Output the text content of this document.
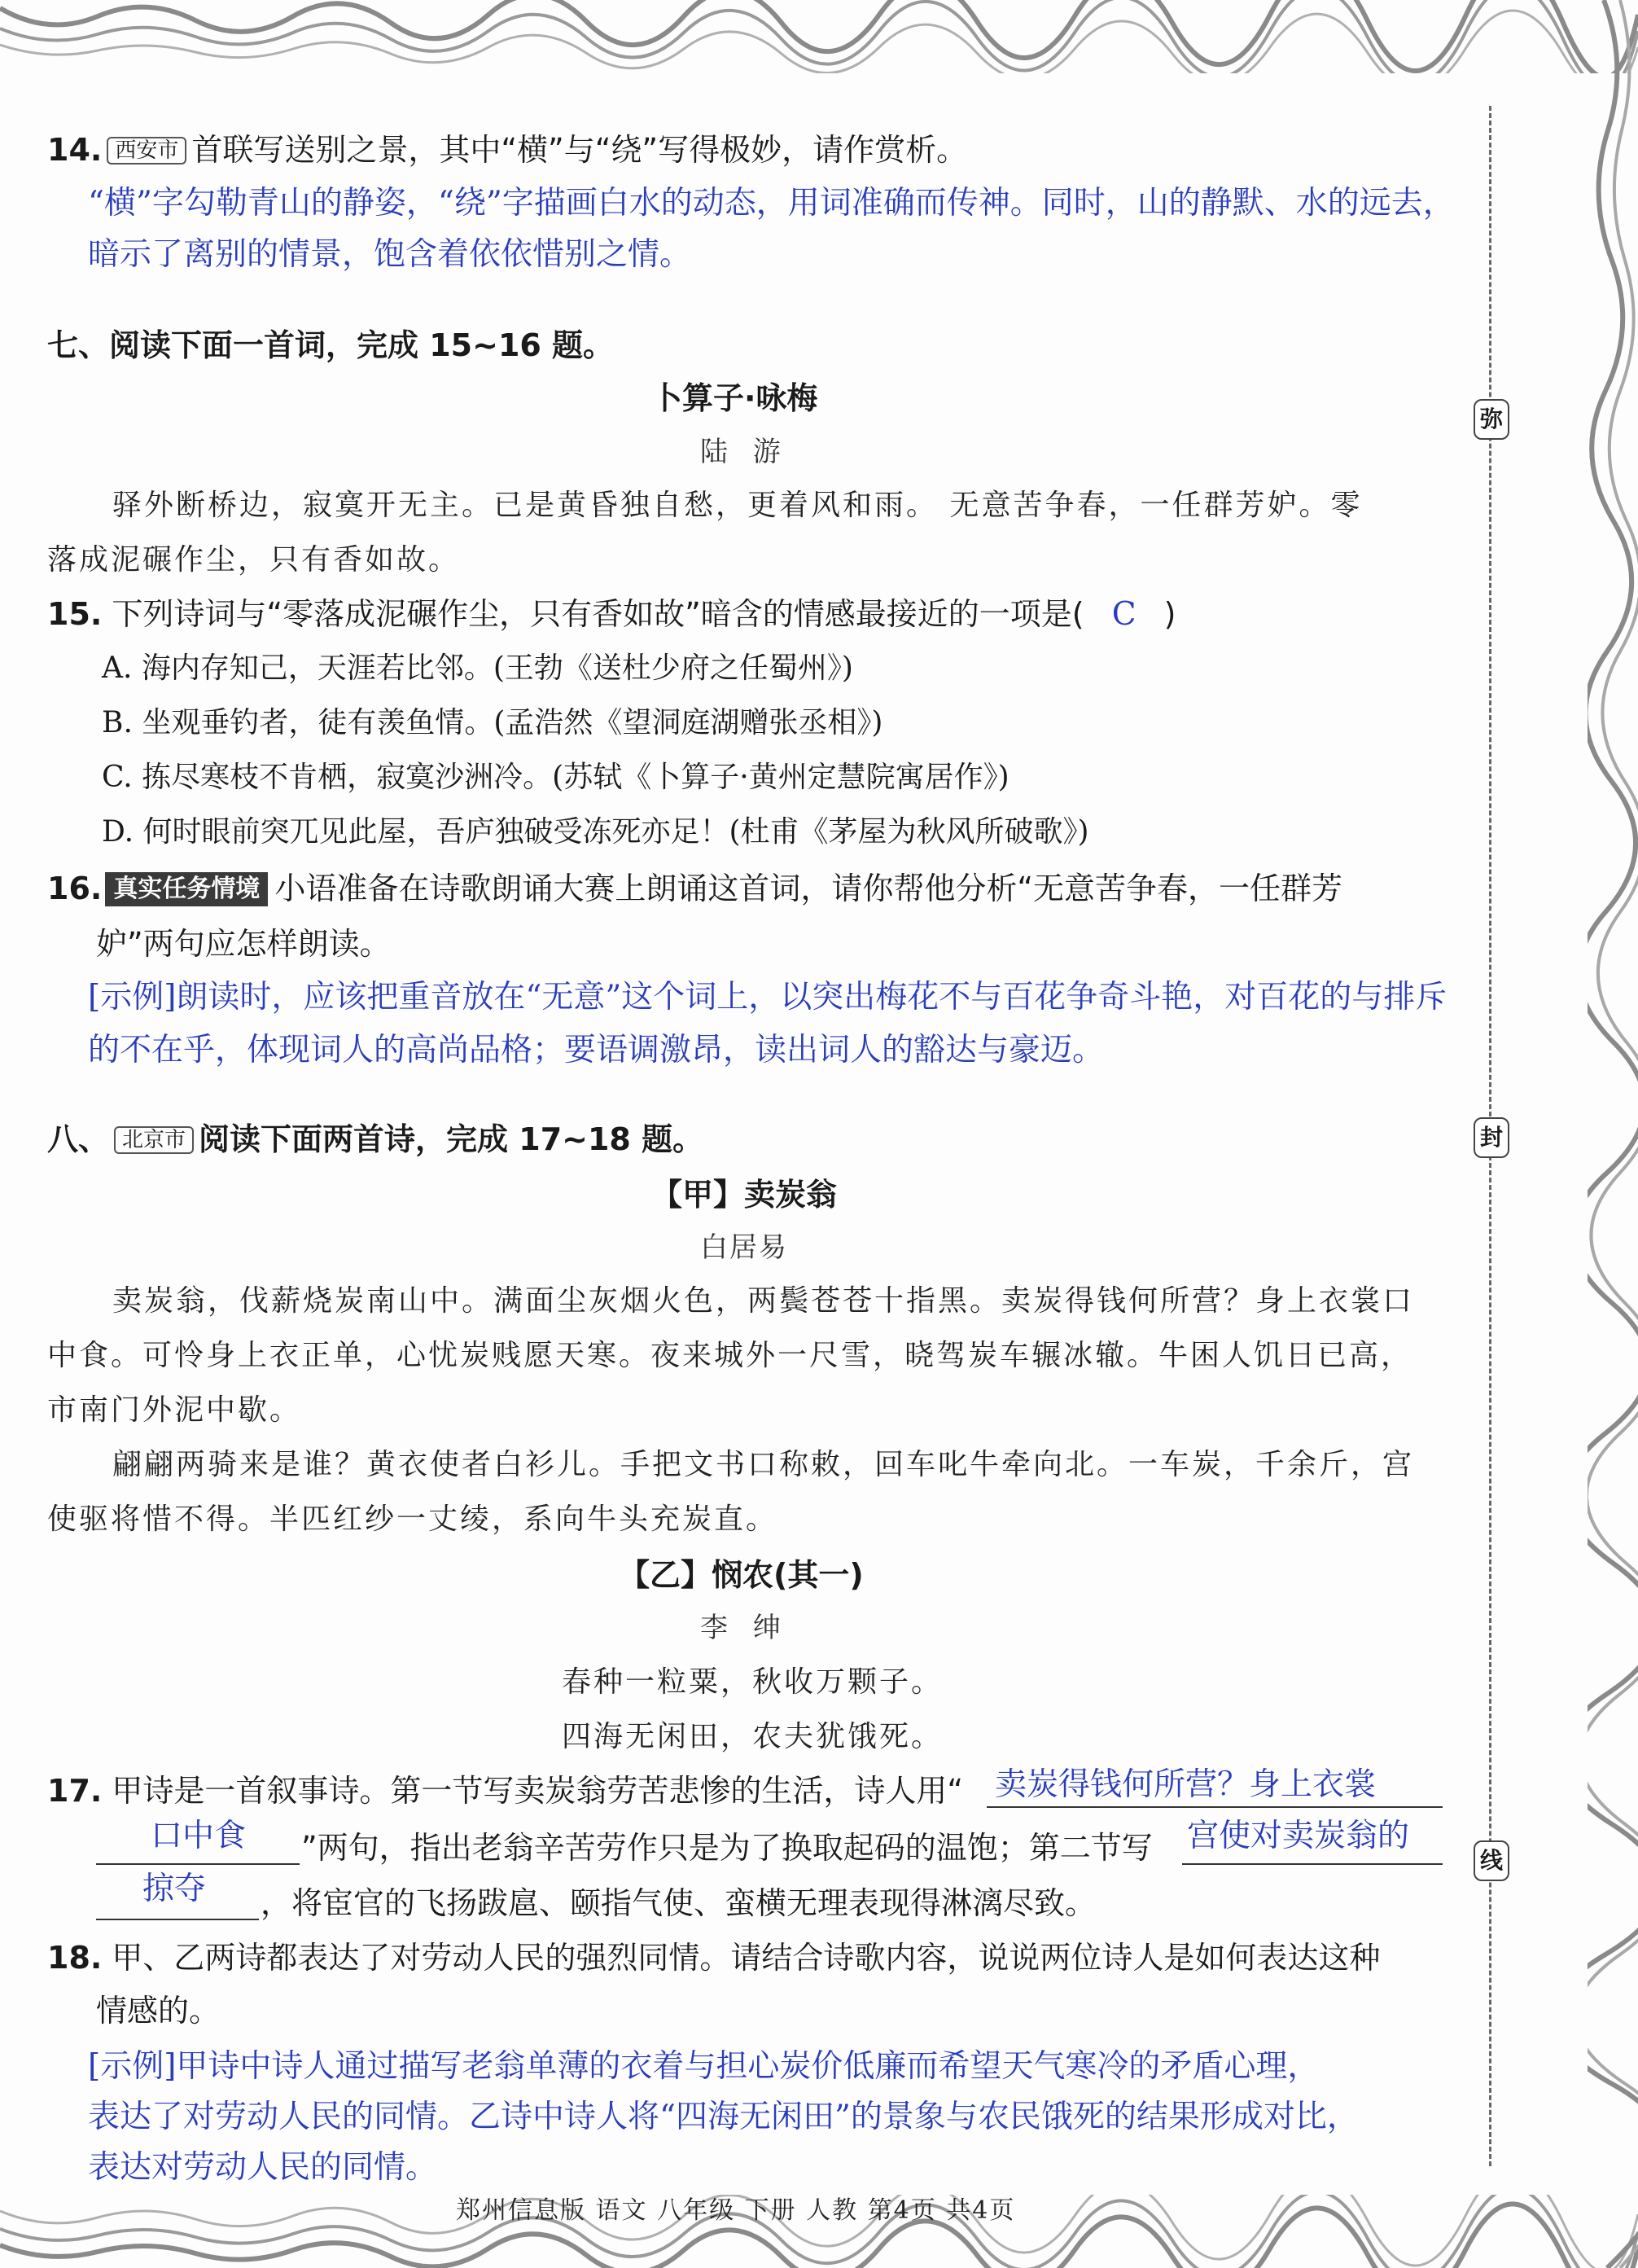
弥
封
线
14. 西安市 首联写送别之景，其中“横”与“绕”写得极妙，请作赏析。
“横”字勾勒青山的静姿，“绕”字描画白水的动态，用词准确而传神。同时，山的静默、水的远去，
暗示了离别的情景，饱含着依依惜别之情。
七、阅读下面一首词，完成 15~16 题。
卜算子·咏梅
陆 游
驿外断桥边，寂寞开无主。已是黄昏独自愁，更着风和雨。 无意苦争春，一任群芳妒。零
落成泥碾作尘，只有香如故。
15. 下列诗词与“零落成泥碾作尘，只有香如故”暗含的情感最接近的一项是( C )
A. 海内存知己，天涯若比邻。(王勃《送杜少府之任蜀州》)
B. 坐观垂钓者，徒有羡鱼情。(孟浩然《望洞庭湖赠张丞相》)
C. 拣尽寒枝不肯栖，寂寞沙洲冷。(苏轼《卜算子·黄州定慧院寓居作》)
D. 何时眼前突兀见此屋，吾庐独破受冻死亦足！(杜甫《茅屋为秋风所破歌》)
16. 真实任务情境 小语准备在诗歌朗诵大赛上朗诵这首词，请你帮他分析“无意苦争春，一任群芳
妒”两句应怎样朗读。
[示例]朗读时，应该把重音放在“无意”这个词上，以突出梅花不与百花争奇斗艳，对百花的与排斥
的不在乎，体现词人的高尚品格；要语调激昂，读出词人的豁达与豪迈。
八、 北京市 阅读下面两首诗，完成 17~18 题。
【甲】卖炭翁
白居易
卖炭翁，伐薪烧炭南山中。满面尘灰烟火色，两鬓苍苍十指黑。卖炭得钱何所营？身上衣裳口
中食。可怜身上衣正单，心忧炭贱愿天寒。夜来城外一尺雪，晓驾炭车辗冰辙。牛困人饥日已高，
市南门外泥中歇。
翩翩两骑来是谁？黄衣使者白衫儿。手把文书口称敕，回车叱牛牵向北。一车炭，千余斤，宫
使驱将惜不得。半匹红纱一丈绫，系向牛头充炭直。
【乙】悯农(其一)
李 绅
春种一粒粟，秋收万颗子。
四海无闲田，农夫犹饿死。
17. 甲诗是一首叙事诗。第一节写卖炭翁劳苦悲惨的生活，诗人用“ 卖炭得钱何所营？身上衣裳
口中食 ”两句，指出老翁辛苦劳作只是为了换取起码的温饱；第二节写 宫使对卖炭翁的
掠夺 ，将宦官的飞扬跋扈、颐指气使、蛮横无理表现得淋漓尽致。
18. 甲、乙两诗都表达了对劳动人民的强烈同情。请结合诗歌内容，说说两位诗人是如何表达这种
情感的。
[示例]甲诗中诗人通过描写老翁单薄的衣着与担心炭价低廉而希望天气寒冷的矛盾心理，
表达了对劳动人民的同情。乙诗中诗人将“四海无闲田”的景象与农民饿死的结果形成对比，
表达对劳动人民的同情。
郑州信息版 语文 八年级 下册 人教 第4页 共4页
